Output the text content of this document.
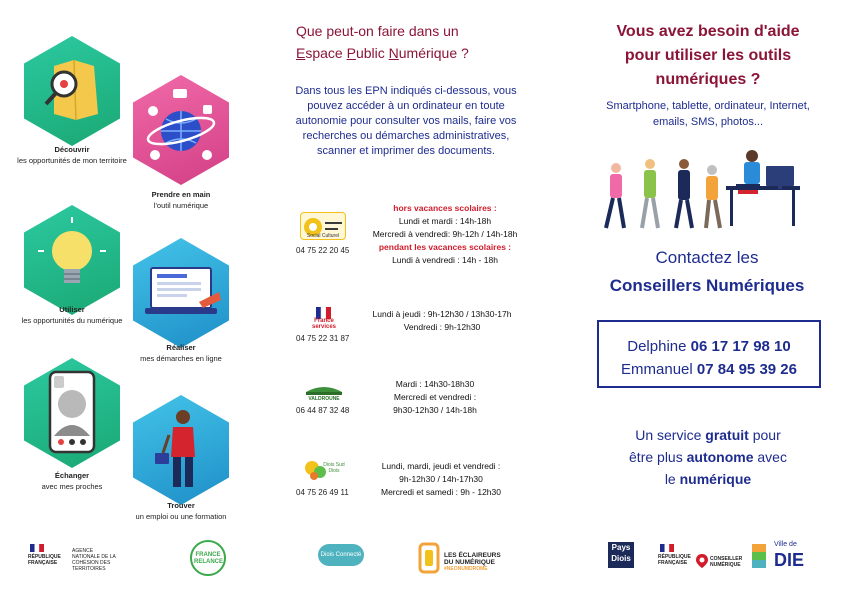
Découvrir
les opportunités de mon territoire
Prendre en main
l'outil numérique
Utiliser
les opportunités du numérique
Réaliser
mes démarches en ligne
Échanger
avec mes proches
Trouver
un emploi ou une formation
Que peut-on faire dans un
Espace Public Numérique ?
Dans tous les EPN indiqués ci-dessous, vous pouvez accéder à un ordinateur en toute autonomie pour consulter vos mails, faire vos recherches ou démarches administratives, scanner et imprimer des documents.
Social Culturel
04 75 22 20 45
hors vacances scolaires :
Lundi et mardi : 14h-18h
Mercredi à vendredi: 9h-12h / 14h-18h
pendant les vacances scolaires :
Lundi à vendredi : 14h - 18h
France services
04 75 22 31 87
Lundi à jeudi : 9h-12h30 / 13h30-17h
Vendredi : 9h-12h30
VALDROUNE
06 44 87 32 48
Mardi : 14h30-18h30
Mercredi et vendredi :
9h30-12h30 / 14h-18h
Diois Sud Diois
04 75 26 49 11
Lundi, mardi, jeudi et vendredi :
9h-12h30 / 14h-17h30
Mercredi et samedi : 9h - 12h30
Vous avez besoin d'aide
pour utiliser les outils
numériques ?
Smartphone, tablette, ordinateur, Internet,
emails, SMS, photos...
Contactez les
Conseillers Numériques
Delphine 06 17 17 98 10
Emmanuel 07 84 95 39 26
Un service gratuit pour
être plus autonome avec
le numérique
RÉPUBLIQUE FRANÇAISE
AGENCE NATIONALE DE LA COHÉSION DES TERRITOIRES
FRANCE RELANCE
Diois Connecté	LES ÉCLAIREURS
DU NUMÉRIQUE
#NEONUMDROME
Pays
Diois	RÉPUBLIQUE FRANÇAISE
CONSEILLER NUMÉRIQUE
Ville de
DIE
